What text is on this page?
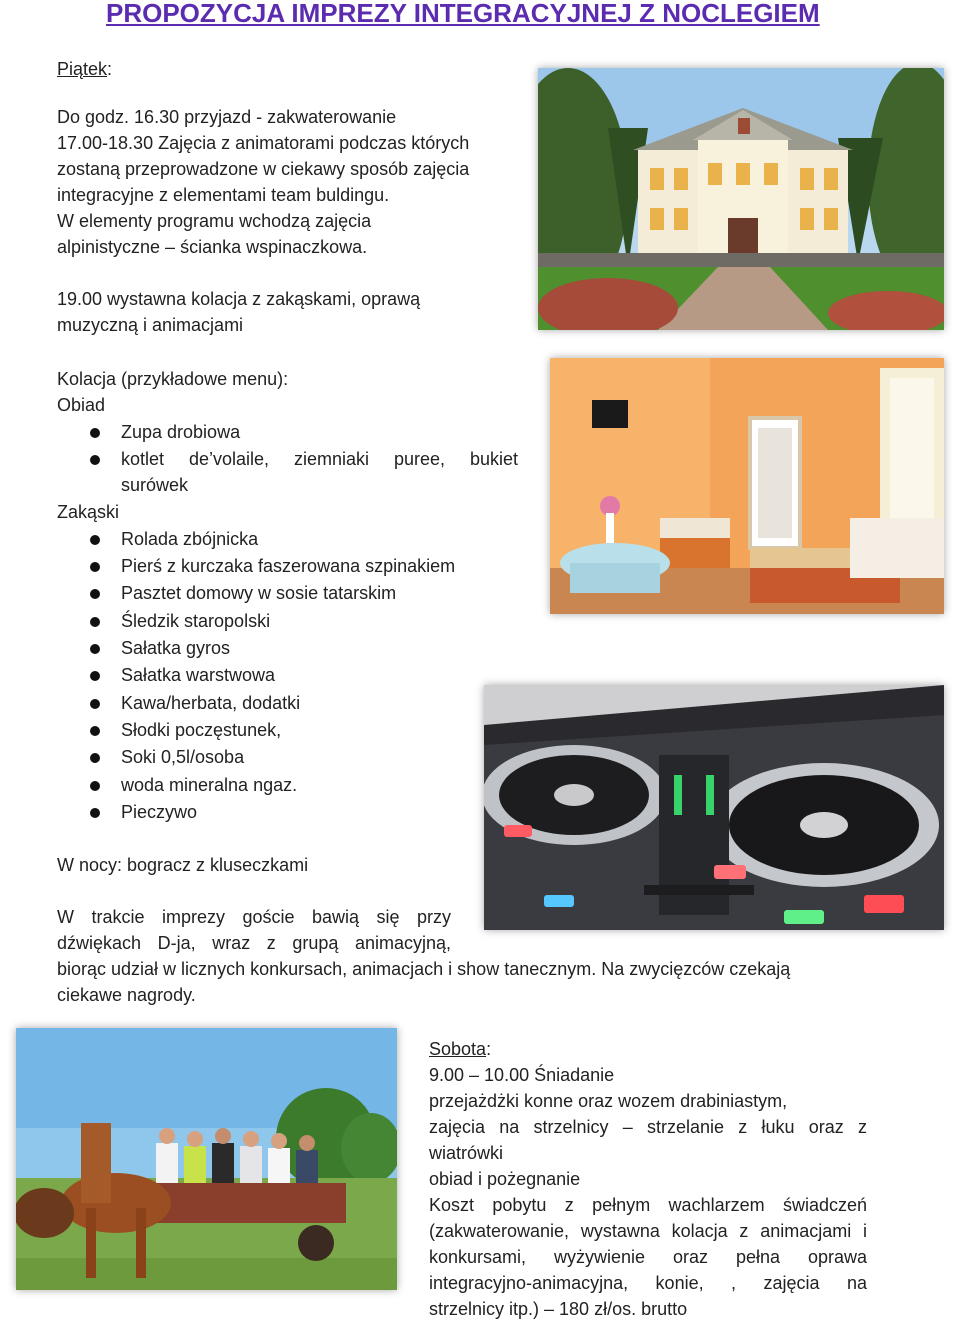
PROPOZYCJA IMPREZY INTEGRACYJNEJ Z NOCLEGIEM
Piątek:
Do godz. 16.30 przyjazd - zakwaterowanie
17.00-18.30 Zajęcia z animatorami podczas których
zostaną przeprowadzone w ciekawy sposób zajęcia
integracyjne z elementami team buldingu.
W elementy programu wchodzą zajęcia
alpinistyczne – ścianka wspinaczkowa.
19.00 wystawna kolacja z zakąskami, oprawą
muzyczną i animacjami
Kolacja (przykładowe menu):
Obiad
Zupa drobiowa
kotlet de’volaile, ziemniaki puree, bukiet
surówek
Zakąski
Rolada zbójnicka
Pierś z kurczaka faszerowana szpinakiem
Pasztet domowy w sosie tatarskim
Śledzik staropolski
Sałatka gyros
Sałatka warstwowa
Kawa/herbata, dodatki
Słodki poczęstunek,
Soki 0,5l/osoba
woda mineralna ngaz.
Pieczywo
W nocy: bogracz z kluseczkami
W trakcie imprezy goście bawią się przy
dźwiękach D-ja, wraz z grupą animacyjną,
biorąc udział w licznych konkursach, animacjach i show tanecznym. Na zwycięzców czekają
ciekawe nagrody.
Sobota:
9.00 – 10.00 Śniadanie
przejażdżki konne oraz wozem drabiniastym,
zajęcia na strzelnicy – strzelanie z łuku oraz z
wiatrówki
obiad i pożegnanie
Koszt pobytu z pełnym wachlarzem świadczeń
(zakwaterowanie, wystawna kolacja z animacjami i
konkursami, wyżywienie oraz pełna oprawa
integracyjno-animacyjna, konie, , zajęcia na
strzelnicy itp.) – 180 zł/os. brutto
